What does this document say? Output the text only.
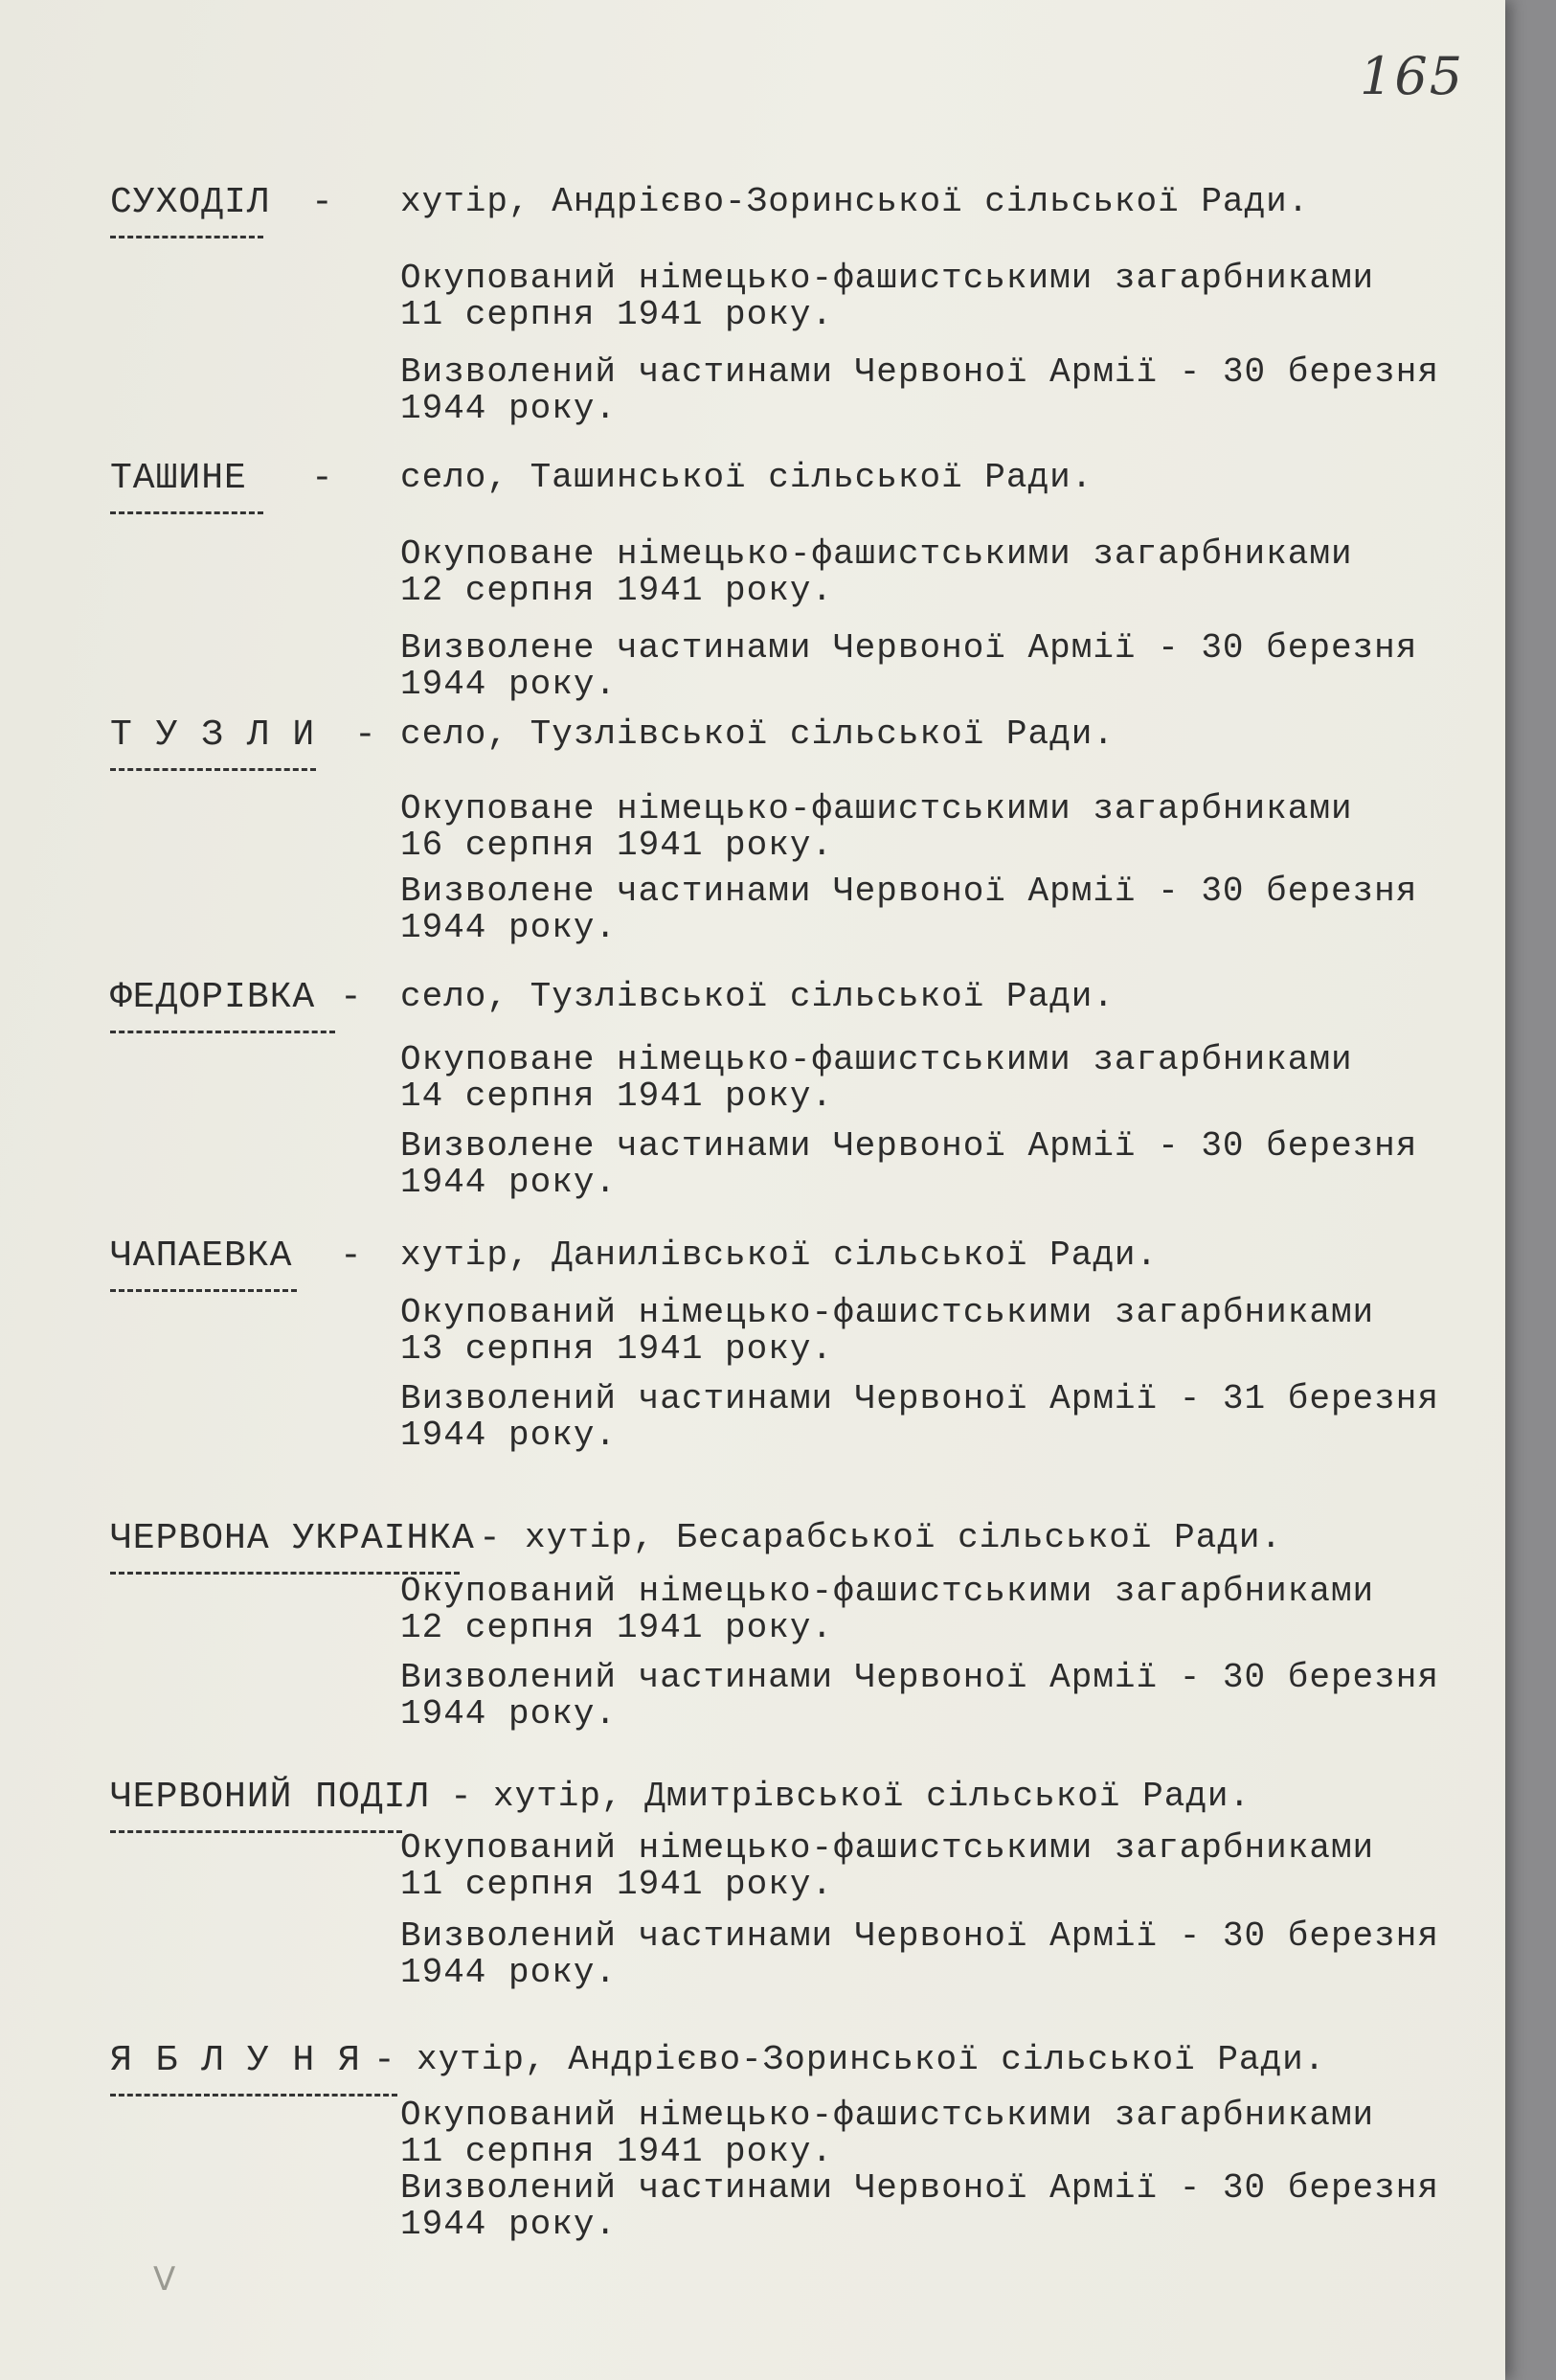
165
СУХОДІЛ - хутір, Андрієво-Зоринської сільської Ради.
Окупований німецько-фашистськими загарбниками
11 серпня 1941 року.
Визволений частинами Червоної Армії - 30 березня
1944 року.
ТАШИНЕ - село, Ташинської сільської Ради.
Окуповане німецько-фашистськими загарбниками
12 серпня 1941 року.
Визволене частинами Червоної Армії - 30 березня
1944 року.
Т У З Л И - село, Тузлівської сільської Ради.
Окуповане німецько-фашистськими загарбниками
16 серпня 1941 року.
Визволене частинами Червоної Армії - 30 березня
1944 року.
ФЕДОРІВКА - село, Тузлівської сільської Ради.
Окуповане німецько-фашистськими загарбниками
14 серпня 1941 року.
Визволене частинами Червоної Армії - 30 березня
1944 року.
ЧАПАЕВКА - хутір, Данилівської сільської Ради.
Окупований німецько-фашистськими загарбниками
13 серпня 1941 року.
Визволений частинами Червоної Армії - 31 березня
1944 року.
ЧЕРВОНА УКРАІНКА - хутір, Бесарабської сільської Ради.
Окупований німецько-фашистськими загарбниками
12 серпня 1941 року.
Визволений частинами Червоної Армії - 30 березня
1944 року.
ЧЕРВОНИЙ ПОДІЛ - хутір, Дмитрівської сільської Ради.
Окупований німецько-фашистськими загарбниками
11 серпня 1941 року.
Визволений частинами Червоної Армії - 30 березня
1944 року.
Я Б Л У Н Я - хутір, Андрієво-Зоринської сільської Ради.
Окупований німецько-фашистськими загарбниками
11 серпня 1941 року.
Визволений частинами Червоної Армії - 30 березня
1944 року.
V
